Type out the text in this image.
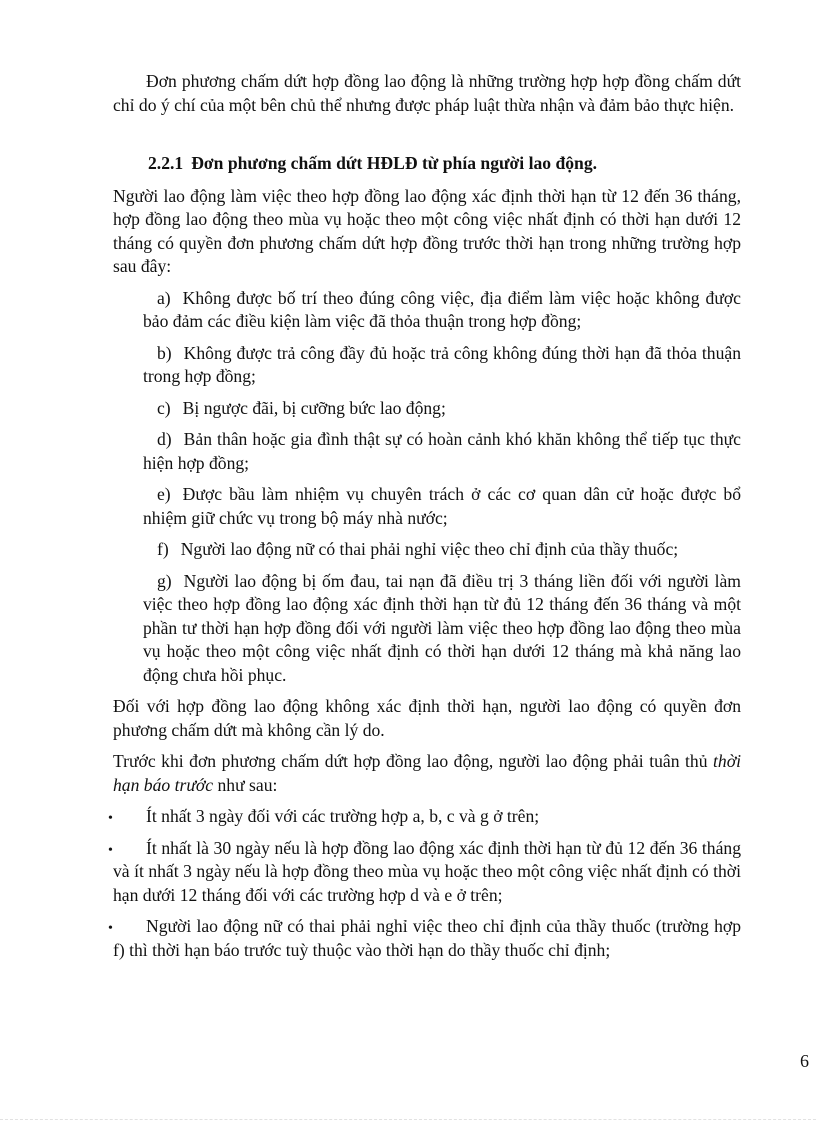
Đơn phương chấm dứt hợp đồng lao động là những trường hợp hợp đồng chấm dứt chỉ do ý chí của một bên chủ thể nhưng được pháp luật thừa nhận và đảm bảo thực hiện.

2.2.1 Đơn phương chấm dứt HĐLĐ từ phía người lao động.

Người lao động làm việc theo hợp đồng lao động xác định thời hạn từ 12 đến 36 tháng, hợp đồng lao động theo mùa vụ hoặc theo một công việc nhất định có thời hạn dưới 12 tháng có quyền đơn phương chấm dứt hợp đồng trước thời hạn trong những trường hợp sau đây:

a) Không được bố trí theo đúng công việc, địa điểm làm việc hoặc không được bảo đảm các điều kiện làm việc đã thỏa thuận trong hợp đồng;

b) Không được trả công đầy đủ hoặc trả công không đúng thời hạn đã thỏa thuận trong hợp đồng;

c) Bị ngược đãi, bị cưỡng bức lao động;

d) Bản thân hoặc gia đình thật sự có hoàn cảnh khó khăn không thể tiếp tục thực hiện hợp đồng;

e) Được bầu làm nhiệm vụ chuyên trách ở các cơ quan dân cử hoặc được bổ nhiệm giữ chức vụ trong bộ máy nhà nước;

f) Người lao động nữ có thai phải nghỉ việc theo chỉ định của thầy thuốc;

g) Người lao động bị ốm đau, tai nạn đã điều trị 3 tháng liền đối với người làm việc theo hợp đồng lao động xác định thời hạn từ đủ 12 tháng đến 36 tháng và một phần tư thời hạn hợp đồng đối với người làm việc theo hợp đồng lao động theo mùa vụ hoặc theo một công việc nhất định có thời hạn dưới 12 tháng mà khả năng lao động chưa hồi phục.

Đối với hợp đồng lao động không xác định thời hạn, người lao động có quyền đơn phương chấm dứt mà không cần lý do.

Trước khi đơn phương chấm dứt hợp đồng lao động, người lao động phải tuân thủ thời hạn báo trước như sau:

• Ít nhất 3 ngày đối với các trường hợp a, b, c và g ở trên;

• Ít nhất là 30 ngày nếu là hợp đồng lao động xác định thời hạn từ đủ 12 đến 36 tháng và ít nhất 3 ngày nếu là hợp đồng theo mùa vụ hoặc theo một công việc nhất định có thời hạn dưới 12 tháng đối với các trường hợp d và e ở trên;

• Người lao động nữ có thai phải nghỉ việc theo chỉ định của thầy thuốc (trường hợp f) thì thời hạn báo trước tuỳ thuộc vào thời hạn do thầy thuốc chỉ định;

6
